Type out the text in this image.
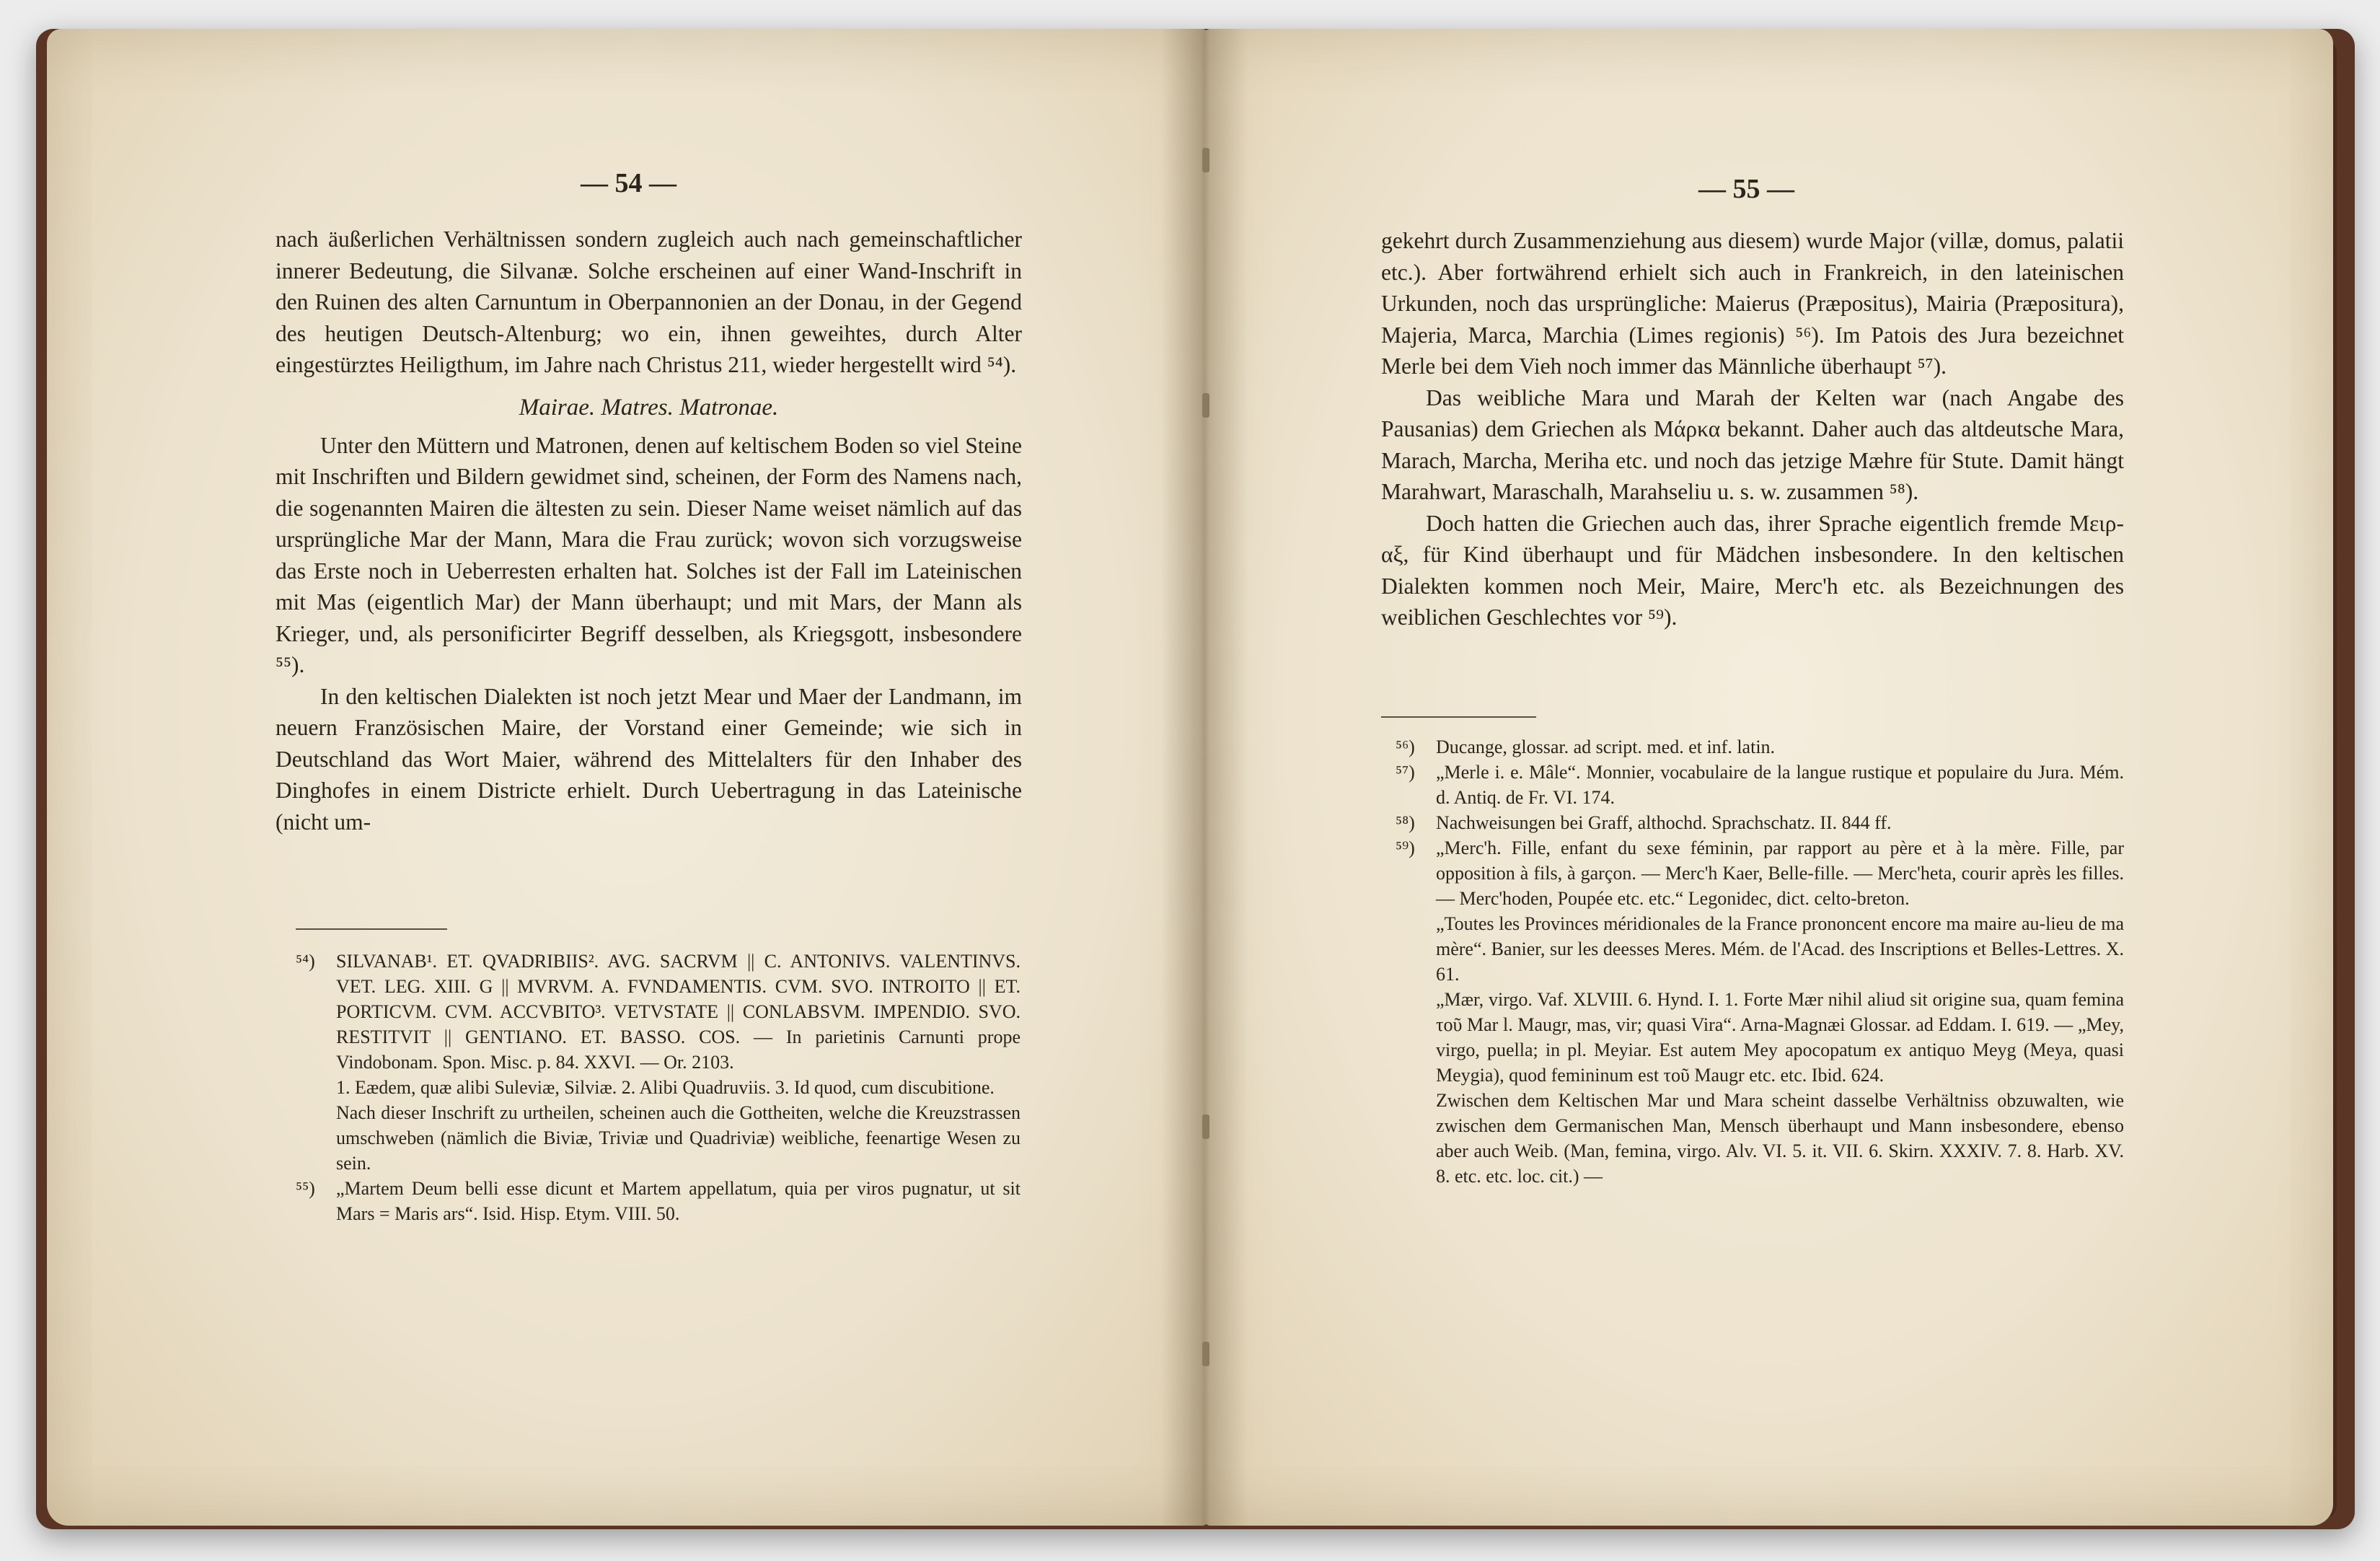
— 54 —

nach äußerlichen Verhältnissen sondern zugleich auch nach gemeinschaftlicher innerer Bedeutung, die Silvanæ. Solche erscheinen auf einer Wand-Inschrift in den Ruinen des alten Carnuntum in Oberpannonien an der Donau, in der Gegend des heutigen Deutsch-Altenburg; wo ein, ihnen geweihtes, durch Alter eingestürztes Heiligthum, im Jahre nach Christus 211, wieder hergestellt wird ⁵⁴).

Mairae. Matres. Matronae.

Unter den Müttern und Matronen, denen auf keltischem Boden so viel Steine mit Inschriften und Bildern gewidmet sind, scheinen, der Form des Namens nach, die sogenannten Mairen die ältesten zu sein. Dieser Name weiset nämlich auf das ursprüngliche Mar der Mann, Mara die Frau zurück; wovon sich vorzugsweise das Erste noch in Ueberresten erhalten hat. Solches ist der Fall im Lateinischen mit Mas (eigentlich Mar) der Mann überhaupt; und mit Mars, der Mann als Krieger, und, als personificirter Begriff desselben, als Kriegsgott, insbesondere ⁵⁵).

In den keltischen Dialekten ist noch jetzt Mear und Maer der Landmann, im neuern Französischen Maire, der Vorstand einer Gemeinde; wie sich in Deutschland das Wort Maier, während des Mittelalters für den Inhaber des Dinghofes in einem Districte erhielt. Durch Uebertragung in das Lateinische (nicht um-

⁵⁴)	SILVANAB¹. ET. QVADRIBIIS². AVG. SACRVM || C. ANTONIVS. VALENTINVS. VET. LEG. XIII. G || MVRVM. A. FVNDAMENTIS. CVM. SVO. INTROITO || ET. PORTICVM. CVM. ACCVBITO³. VETVSTATE || CONLABSVM. IMPENDIO. SVO. RESTITVIT || GENTIANO. ET. BASSO. COS. — In parietinis Carnunti prope Vindobonam. Spon. Misc. p. 84. XXVI. — Or. 2103.
1. Eædem, quæ alibi Suleviæ, Silviæ. 2. Alibi Quadruviis. 3. Id quod, cum discubitione.
Nach dieser Inschrift zu urtheilen, scheinen auch die Gottheiten, welche die Kreuzstrassen umschweben (nämlich die Biviæ, Triviæ und Quadriviæ) weibliche, feenartige Wesen zu sein.
⁵⁵)	„Martem Deum belli esse dicunt et Martem appellatum, quia per viros pugnatur, ut sit Mars = Maris ars“. Isid. Hisp. Etym. VIII. 50.
— 55 —

gekehrt durch Zusammenziehung aus diesem) wurde Major (villæ, domus, palatii etc.). Aber fortwährend erhielt sich auch in Frankreich, in den lateinischen Urkunden, noch das ursprüngliche: Maierus (Præpositus), Mairia (Præpositura), Majeria, Marca, Marchia (Limes regionis) ⁵⁶). Im Patois des Jura bezeichnet Merle bei dem Vieh noch immer das Männliche überhaupt ⁵⁷).

Das weibliche Mara und Marah der Kelten war (nach Angabe des Pausanias) dem Griechen als Μάρκα bekannt. Daher auch das altdeutsche Mara, Marach, Marcha, Meriha etc. und noch das jetzige Mæhre für Stute. Damit hängt Marahwart, Maraschalh, Marahseliu u. s. w. zusammen ⁵⁸).

Doch hatten die Griechen auch das, ihrer Sprache eigentlich fremde Μειρ-αξ, für Kind überhaupt und für Mädchen insbesondere. In den keltischen Dialekten kommen noch Meir, Maire, Merc'h etc. als Bezeichnungen des weiblichen Geschlechtes vor ⁵⁹).

⁵⁶)	Ducange, glossar. ad script. med. et inf. latin.
⁵⁷)	„Merle i. e. Mâle“. Monnier, vocabulaire de la langue rustique et populaire du Jura. Mém. d. Antiq. de Fr. VI. 174.
⁵⁸)	Nachweisungen bei Graff, althochd. Sprachschatz. II. 844 ff.
⁵⁹)	„Merc'h. Fille, enfant du sexe féminin, par rapport au père et à la mère. Fille, par opposition à fils, à garçon. — Merc'h Kaer, Belle-fille. — Merc'heta, courir après les filles. — Merc'hoden, Poupée etc. etc.“ Legonidec, dict. celto-breton.
„Toutes les Provinces méridionales de la France prononcent encore ma maire au-lieu de ma mère“. Banier, sur les deesses Meres. Mém. de l'Acad. des Inscriptions et Belles-Lettres. X. 61.
„Mær, virgo. Vaf. XLVIII. 6. Hynd. I. 1. Forte Mær nihil aliud sit origine sua, quam femina τοῦ Mar l. Maugr, mas, vir; quasi Vira“. Arna-Magnæi Glossar. ad Eddam. I. 619. — „Mey, virgo, puella; in pl. Meyiar. Est autem Mey apocopatum ex antiquo Meyg (Meya, quasi Meygia), quod femininum est τοῦ Maugr etc. etc. Ibid. 624.
Zwischen dem Keltischen Mar und Mara scheint dasselbe Verhältniss obzuwalten, wie zwischen dem Germanischen Man, Mensch überhaupt und Mann insbesondere, ebenso aber auch Weib. (Man, femina, virgo. Alv. VI. 5. it. VII. 6. Skirn. XXXIV. 7. 8. Harb. XV. 8. etc. etc. loc. cit.) —
